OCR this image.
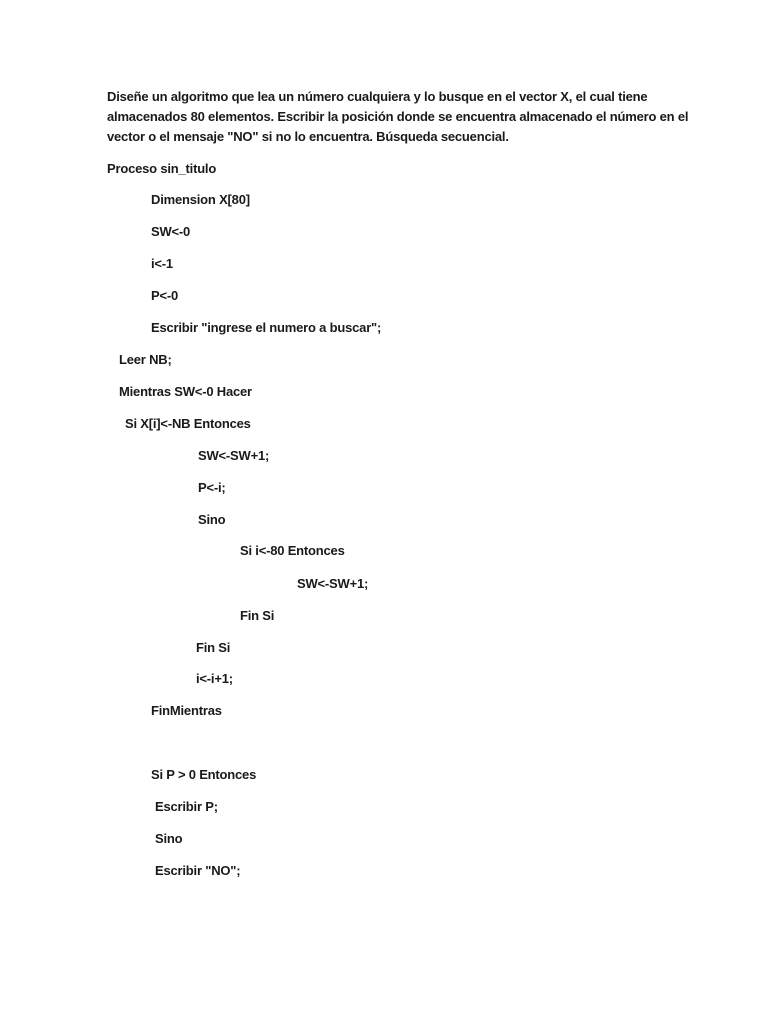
Diseñe un algoritmo que lea un número cualquiera y lo busque en el vector X, el cual tiene
almacenados 80 elementos. Escribir la posición donde se encuentra almacenado el número en el
vector o el mensaje "NO" si no lo encuentra. Búsqueda secuencial.
Proceso sin_titulo
Dimension X[80]
SW<-0
i<-1
P<-0
Escribir "ingrese el numero a buscar";
Leer NB;
Mientras SW<-0 Hacer
Si X[i]<-NB Entonces
SW<-SW+1;
P<-i;
Sino
Si i<-80 Entonces
SW<-SW+1;
Fin Si
Fin Si
i<-i+1;
FinMientras
Si P > 0 Entonces
Escribir P;
Sino
Escribir "NO";
